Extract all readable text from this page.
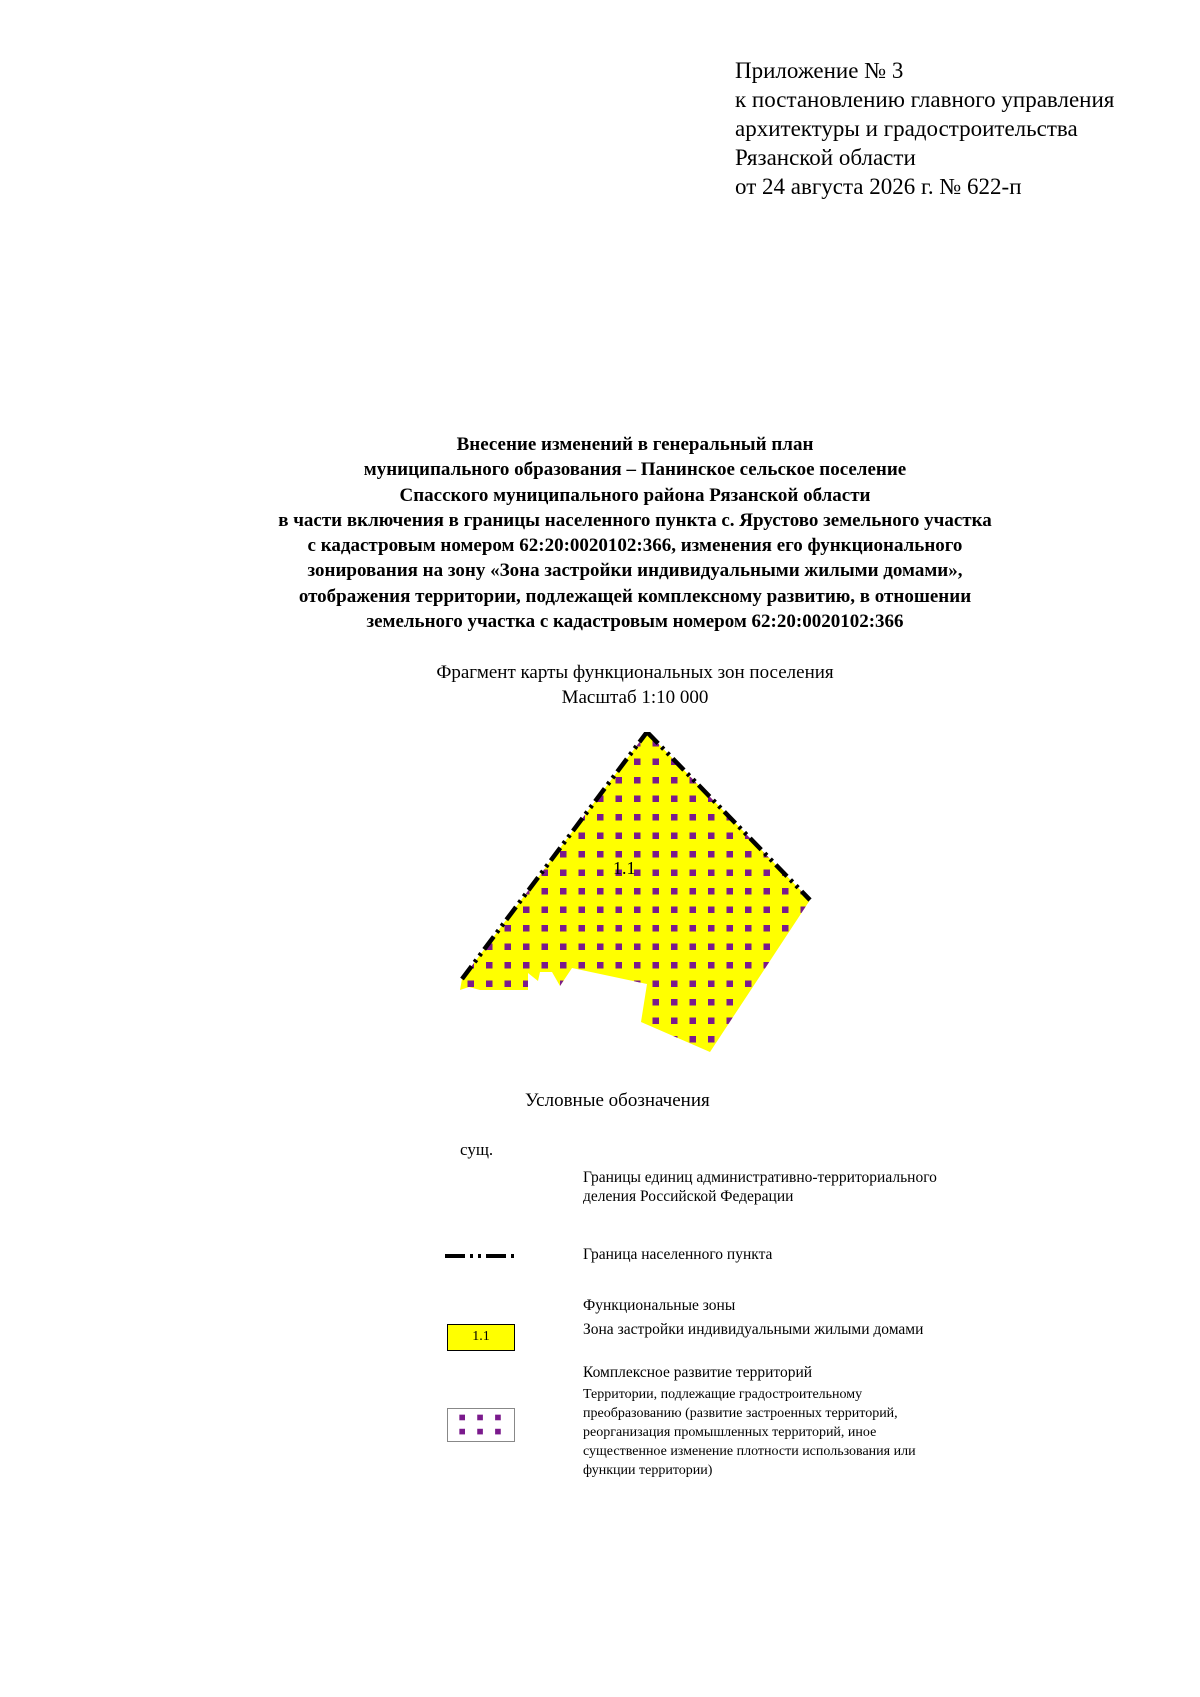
Приложение № 3
к постановлению главного управления
архитектуры и градостроительства
Рязанской области
от 24 августа 2026 г. № 622-п
Внесение изменений в генеральный план
муниципального образования – Панинское сельское поселение
Спасского муниципального района Рязанской области
в части включения в границы населенного пункта с. Ярустово земельного участка
с кадастровым номером 62:20:0020102:366, изменения его функционального
зонирования на зону «Зона застройки индивидуальными жилыми домами»,
отображения территории, подлежащей комплексному развитию, в отношении
земельного участка с кадастровым номером 62:20:0020102:366
Фрагмент карты функциональных зон поселения
Масштаб 1:10 000
1.1
Условные обозначения
сущ.
Границы единиц административно-территориального деления Российской Федерации
Граница населенного пункта
Функциональные зоны
1.1	Зона застройки индивидуальными жилыми домами
Комплексное развитие территорий
Территории, подлежащие градостроительному преобразованию (развитие застроенных территорий, реорганизация промышленных территорий, иное существенное изменение плотности использования или функции территории)
